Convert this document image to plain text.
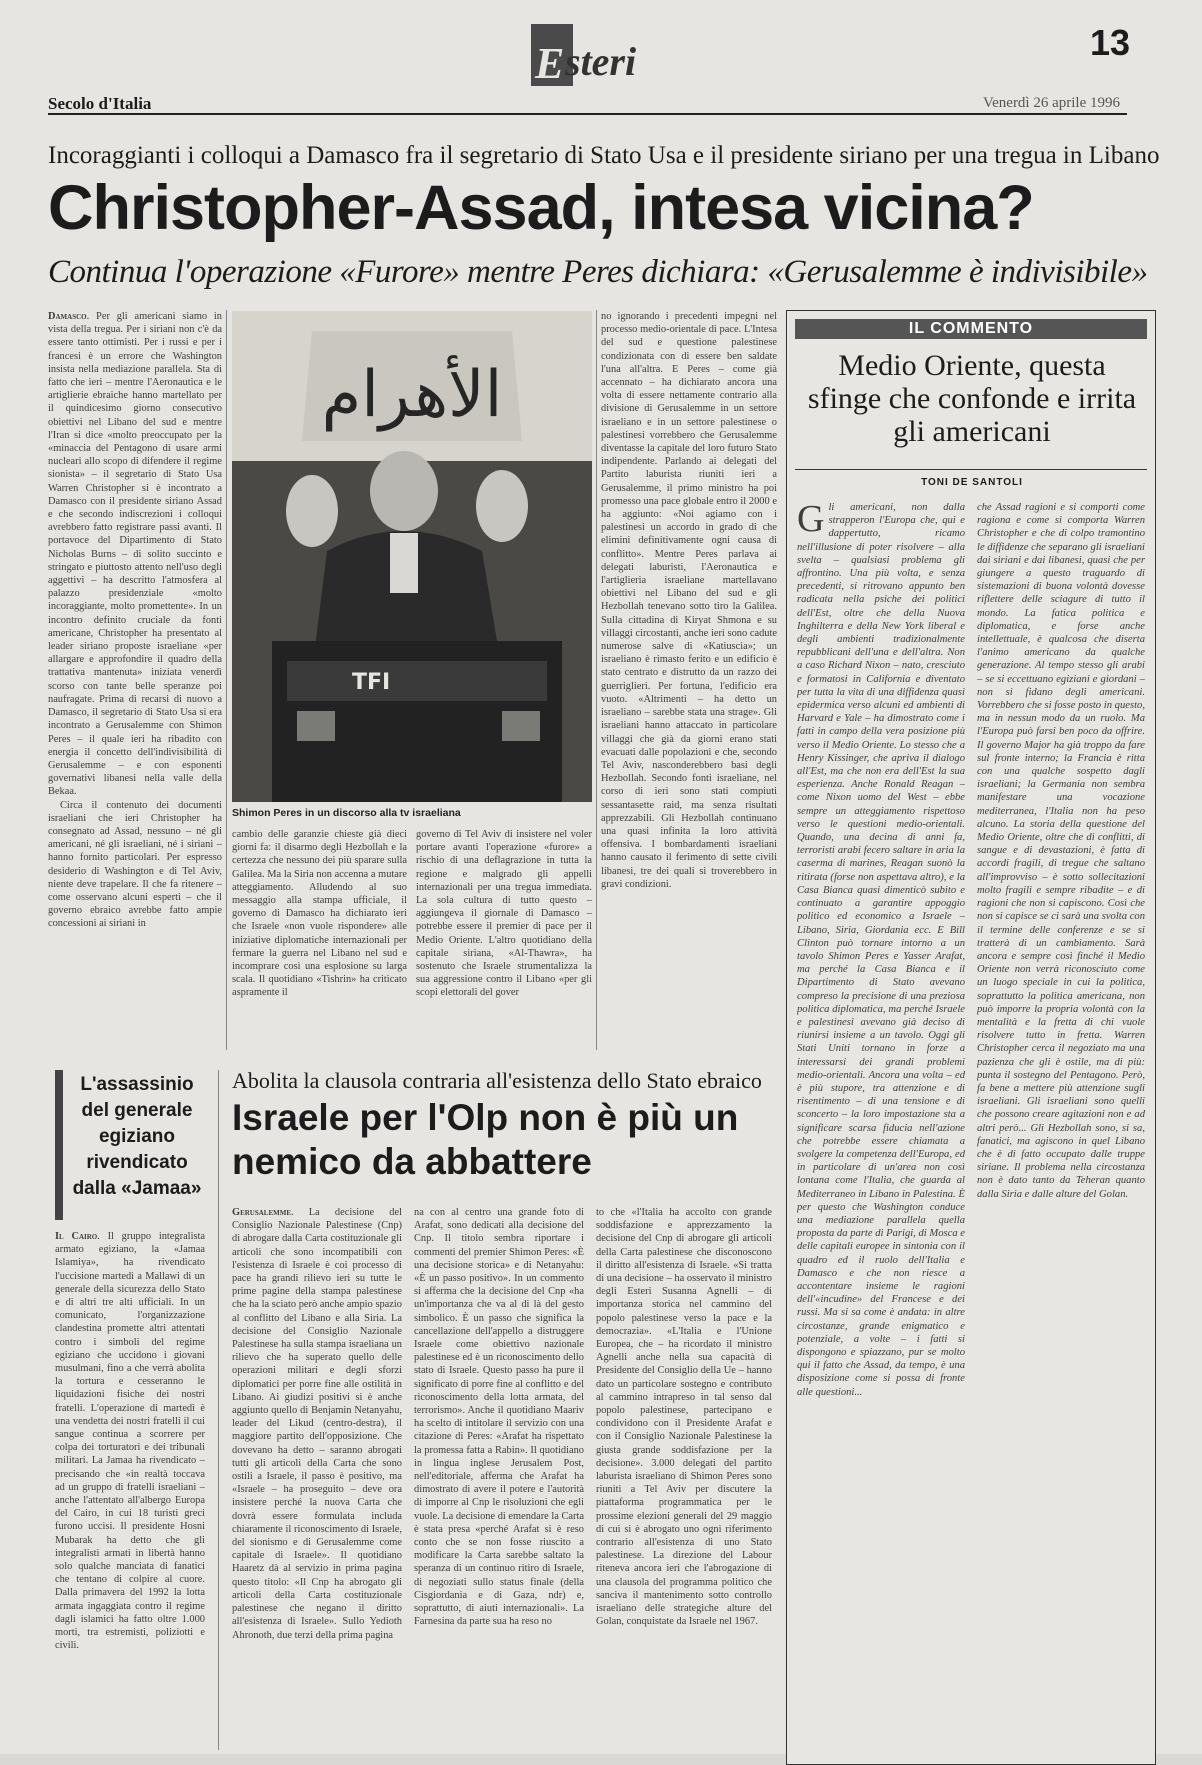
E steri	13
Secolo d'Italia	Venerdì 26 aprile 1996
Incoraggianti i colloqui a Damasco fra il segretario di Stato Usa e il presidente siriano per una tregua in Libano
Christopher-Assad, intesa vicina?
Continua l'operazione «Furore» mentre Peres dichiara: «Gerusalemme è indivisibile»

Damasco. Per gli americani siamo in vista della tregua. Per i siriani non c'è da essere tanto ottimisti. Per i russi e per i francesi è un errore che Washington insista nella mediazione parallela. Sta di fatto che ieri – mentre l'Aeronautica e le artiglierie ebraiche hanno martellato per il quindicesimo giorno consecutivo obiettivi nel Libano del sud e mentre l'Iran si dice «molto preoccupato per la «minaccia del Pentagono di usare armi nucleari allo scopo di difendere il regime sionista» – il segretario di Stato Usa Warren Christopher si è incontrato a Damasco con il presidente siriano Assad e che secondo indiscrezioni i colloqui avrebbero fatto registrare passi avanti. Il portavoce del Dipartimento di Stato Nicholas Burns – di solito succinto e stringato e piuttosto attento nell'uso degli aggettivi – ha descritto l'atmosfera al palazzo presidenziale «molto incoraggiante, molto promettente». In un incontro definito cruciale da fonti americane, Christopher ha presentato al leader siriano proposte israeliane «per allargare e approfondire il quadro della trattativa mantenuta» iniziata venerdì scorso con tante belle speranze poi naufragate. Prima di recarsi di nuovo a Damasco, il segretario di Stato Usa si era incontrato a Gerusalemme con Shimon Peres – il quale ieri ha ribadito con energia il concetto dell'indivisibilità di Gerusalemme – e con esponenti governativi libanesi nella valle della Bekaa.

Circa il contenuto dei documenti israeliani che ieri Christopher ha consegnato ad Assad, nessuno – né gli americani, né gli israeliani, né i siriani – hanno fornito particolari. Per espresso desiderio di Washington e di Tel Aviv, niente deve trapelare. Il che fa ritenere – come osservano alcuni esperti – che il governo ebraico avrebbe fatto ampie concessioni ai siriani in

الأهرام
TFI
Shimon Peres in un discorso alla tv israeliana

cambio delle garanzie chieste già dieci giorni fa: il disarmo degli Hezbollah e la certezza che nessuno dei più sparare sulla Galilea. Ma la Siria non accenna a mutare atteggiamento. Alludendo al suo messaggio alla stampa ufficiale, il governo di Damasco ha dichiarato ieri che Israele «non vuole rispondere» alle iniziative diplomatiche internazionali per fermare la guerra nel Libano nel sud e incomprare così una esplosione su larga scala. Il quotidiano «Tishrin» ha criticato aspramente il

governo di Tel Aviv di insistere nel voler portare avanti l'operazione «furore» a rischio di una deflagrazione in tutta la regione e malgrado gli appelli internazionali per una tregua immediata. La sola cultura di tutto questo – aggiungeva il giornale di Damasco – potrebbe essere il premier di pace per il Medio Oriente. L'altro quotidiano della capitale siriana, «Al-Thawra», ha sostenuto che Israele strumentalizza la sua aggressione contro il Libano «per gli scopi elettorali del gover

no ignorando i precedenti impegni nel processo medio-orientale di pace. L'Intesa del sud e questione palestinese condizionata con di essere ben saldate l'una all'altra. E Peres – come già accennato – ha dichiarato ancora una volta di essere nettamente contrario alla divisione di Gerusalemme in un settore israeliano e in un settore palestinese o palestinesi vorrebbero che Gerusalemme diventasse la capitale del loro futuro Stato indipendente. Parlando ai delegati del Partito laburista riuniti ieri a Gerusalemme, il primo ministro ha poi promesso una pace globale entro il 2000 e ha aggiunto: «Noi agiamo con i palestinesi un accordo in grado di che elimini definitivamente ogni causa di conflitto». Mentre Peres parlava ai delegati laburisti, l'Aeronautica e l'artiglieria israeliane martellavano obiettivi nel Libano del sud e gli Hezbollah tenevano sotto tiro la Galilea. Sulla cittadina di Kiryat Shmona e su villaggi circostanti, anche ieri sono cadute numerose salve di «Katiuscia»; un israeliano è rimasto ferito e un edificio è stato centrato e distrutto da un razzo dei guerriglieri. Per fortuna, l'edificio era vuoto. «Altrimenti – ha detto un israeliano – sarebbe stata una strage». Gli israeliani hanno attaccato in particolare villaggi che già da giorni erano stati evacuati dalle popolazioni e che, secondo Tel Aviv, nasconderebbero basi degli Hezbollah. Secondo fonti israeliane, nel corso di ieri sono stati compiuti sessantasette raid, ma senza risultati apprezzabili. Gli Hezbollah continuano una quasi infinita la loro attività offensiva. I bombardamenti israeliani hanno causato il ferimento di sette civili libanesi, tre dei quali si troverebbero in gravi condizioni.

IL COMMENTO
Medio Oriente, questa sfinge che confonde e irrita gli americani
TONI DE SANTOLI

Gli americani, non dalla strapperon l'Europa che, qui e dappertutto, ricamo nell'illusione di poter risolvere – alla svelta – qualsiasi problema gli affrontino. Una più volta, e senza precedenti, si ritrovano appunto ben radicata nella psiche dei politici dell'Est, oltre che della Nuova Inghilterra e della New York liberal e degli ambienti tradizionalmente repubblicani dell'una e dell'altra. Non a caso Richard Nixon – nato, cresciuto e formatosi in California e diventato per tutta la vita di una diffidenza quasi epidermica verso alcuni ed ambienti di Harvard e Yale – ha dimostrato come i fatti in campo della vera posizione più verso il Medio Oriente. Lo stesso che a Henry Kissinger, che apriva il dialogo all'Est, ma che non era dell'Est la sua esperienza. Anche Ronald Reagan – come Nixon uomo del West – ebbe sempre un atteggiamento rispettoso verso le questioni medio-orientali. Quando, una decina di anni fa, terroristi arabi fecero saltare in aria la caserma di marines, Reagan suonò la ritirata (forse non aspettava altro), e la Casa Bianca quasi dimenticò subito e continuato a garantire appoggio politico ed economico a Israele – Libano, Siria, Giordania ecc. E Bill Clinton può tornare intorno a un tavolo Shimon Peres e Yasser Arafat, ma perché la Casa Bianca e il Dipartimento di Stato avevano compreso la precisione di una preziosa politica diplomatica, ma perché Israele e palestinesi avevano già deciso di riunirsi insieme a un tavolo. Oggi gli Stati Uniti tornano in forze a interessarsi dei grandi problemi medio-orientali. Ancora una volta – ed è più stupore, tra attenzione e di risentimento – di una tensione e di sconcerto – la loro impostazione sta a significare scarsa fiducia nell'azione che potrebbe essere chiamata a svolgere la competenza dell'Europa, ed in particolare di un'area non così lontana come l'Italia, che guarda al Mediterraneo in Libano in Palestina. È per questo che Washington conduce una mediazione parallela quella proposta da parte di Parigi, di Mosca e delle capitali europee in sintonia con il quadro ed il ruolo dell'Italia e Damasco e che non riesce a accontentare insieme le ragioni dell'«incudine» del Francese e dei russi. Ma si sa come è andata: in altre circostanze, grande enigmatico e potenziale, a volte – i fatti si dispongono e spiazzano, pur se molto qui il fatto che Assad, da tempo, è una disposizione come si possa di fronte alle questioni...

che Assad ragioni e si comporti come ragiona e come si comporta Warren Christopher e che di colpo tramontino le diffidenze che separano gli israeliani dai siriani e dai libanesi, quasi che per giungere a questo traguardo di sistemazioni di buona volontà dovesse riflettere delle sciagure di tutto il mondo. La fatica politica e diplomatica, e forse anche intellettuale, è qualcosa che diserta l'animo americano da qualche generazione. Al tempo stesso gli arabi – se si eccettuano egiziani e giordani – non si fidano degli americani. Vorrebbero che si fosse posto in questo, ma in nessun modo da un ruolo. Ma l'Europa può farsi ben poco da offrire. Il governo Major ha già troppo da fare sul fronte interno; la Francia è ritta con una qualche sospetto dagli israeliani; la Germania non sembra manifestare una vocazione mediterranea, l'Italia non ha peso alcuno. La storia della questione del Medio Oriente, oltre che di conflitti, di sangue e di devastazioni, è fatta di accordi fragili, di tregue che saltano all'improvviso – è sotto sollecitazioni molto fragili e sempre ribadite – e di ragioni che non si capiscono. Così che non si capisce se ci sarà una svolta con il termine delle conferenze e se si tratterà di un cambiamento. Sarà ancora e sempre così finché il Medio Oriente non verrà riconosciuto come un luogo speciale in cui la politica, soprattutto la politica americana, non può imporre la propria volontà con la mentalità e la fretta di chi vuole risolvere tutto in fretta. Warren Christopher cerca il negoziato ma una pazienza che gli è ostile, ma di più: punta il sostegno del Pentagono. Però, fa bene a mettere più attenzione sugli israeliani. Gli israeliani sono quelli che possono creare agitazioni non e ad altri però... Gli Hezbollah sono, si sa, fanatici, ma agiscono in quel Libano che è di fatto occupato dalle truppe siriane. Il problema nella circostanza non è dato tanto da Teheran quanto dalla Siria e dalle alture del Golan.

L'assassinio del generale egiziano rivendicato dalla «Jamaa»

Il Cairo. Il gruppo integralista armato egiziano, la «Jamaa Islamiya», ha rivendicato l'uccisione martedì a Mallawi di un generale della sicurezza dello Stato e di altri tre alti ufficiali. In un comunicato, l'organizzazione clandestina promette altri attentati contro i simboli del regime egiziano che uccidono i giovani musulmani, fino a che verrà abolita la tortura e cesseranno le liquidazioni fisiche dei nostri fratelli. L'operazione di martedì è una vendetta dei nostri fratelli il cui sangue continua a scorrere per colpa dei torturatori e dei tribunali militari. La Jamaa ha rivendicato – precisando che «in realtà toccava ad un gruppo di fratelli israeliani – anche l'attentato all'albergo Europa del Cairo, in cui 18 turisti greci furono uccisi. Il presidente Hosni Mubarak ha detto che gli integralisti armati in libertà hanno solo qualche manciata di fanatici che tentano di colpire al cuore. Dalla primavera del 1992 la lotta armata ingaggiata contro il regime dagli islamici ha fatto oltre 1.000 morti, tra estremisti, poliziotti e civili.

Abolita la clausola contraria all'esistenza dello Stato ebraico
Israele per l'Olp non è più un nemico da abbattere

Gerusalemme. La decisione del Consiglio Nazionale Palestinese (Cnp) di abrogare dalla Carta costituzionale gli articoli che sono incompatibili con l'esistenza di Israele è coi processo di pace ha grandi rilievo ieri su tutte le prime pagine della stampa palestinese che ha la sciato però anche ampio spazio al conflitto del Libano e alla Siria. La decisione del Consiglio Nazionale Palestinese ha sulla stampa israeliana un rilievo che ha superato quello delle operazioni militari e degli sforzi diplomatici per porre fine alle ostilità in Libano. Ai giudizi positivi si è anche aggiunto quello di Benjamin Netanyahu, leader del Likud (centro-destra), il maggiore partito dell'opposizione. Che dovevano ha detto – saranno abrogati tutti gli articoli della Carta che sono ostili a Israele, il passo è positivo, ma «Israele – ha proseguito – deve ora insistere perché la nuova Carta che dovrà essere formulata includa chiaramente il riconoscimento di Israele, del sionismo e di Gerusalemme come capitale di Israele». Il quotidiano Haaretz dà al servizio in prima pagina questo titolo: «Il Cnp ha abrogato gli articoli della Carta costituzionale palestinese che negano il diritto all'esistenza di Israele». Sullo Yedioth Ahronoth, due terzi della prima pagina

na con al centro una grande foto di Arafat, sono dedicati alla decisione del Cnp. Il titolo sembra riportare i commenti del premier Shimon Peres: «È una decisione storica» e di Netanyahu: «È un passo positivo». In un commento si afferma che la decisione del Cnp «ha un'importanza che va al di là del gesto simbolico. È un passo che significa la cancellazione dell'appello a distruggere Israele come obiettivo nazionale palestinese ed è un riconoscimento dello stato di Israele. Questo passo ha pure il significato di porre fine al conflitto e del riconoscimento della lotta armata, del terrorismo». Anche il quotidiano Maariv ha scelto di intitolare il servizio con una citazione di Peres: «Arafat ha rispettato la promessa fatta a Rabin». Il quotidiano in lingua inglese Jerusalem Post, nell'editoriale, afferma che Arafat ha dimostrato di avere il potere e l'autorità di imporre al Cnp le risoluzioni che egli vuole. La decisione di emendare la Carta è stata presa «perché Arafat si è reso conto che se non fosse riuscito a modificare la Carta sarebbe saltato la speranza di un continuo ritiro di Israele, di negoziati sullo status finale (della Cisgiordania e di Gaza, ndr) e, soprattutto, di aiuti internazionali». La Farnesina da parte sua ha reso no

to che «l'Italia ha accolto con grande soddisfazione e apprezzamento la decisione del Cnp di abrogare gli articoli della Carta palestinese che disconoscono il diritto all'esistenza di Israele. «Si tratta di una decisione – ha osservato il ministro degli Esteri Susanna Agnelli – di importanza storica nel cammino del popolo palestinese verso la pace e la democrazia». «L'Italia e l'Unione Europea, che – ha ricordato il ministro Agnelli anche nella sua capacità di Presidente del Consiglio della Ue – hanno dato un particolare sostegno e contributo al cammino intrapreso in tal senso dal popolo palestinese, partecipano e condividono con il Presidente Arafat e con il Consiglio Nazionale Palestinese la giusta grande soddisfazione per la decisione». 3.000 delegati del partito laburista israeliano di Shimon Peres sono riuniti a Tel Aviv per discutere la piattaforma programmatica per le prossime elezioni generali del 29 maggio di cui si è abrogato uno ogni riferimento contrario all'esistenza di uno Stato palestinese. La direzione del Labour riteneva ancora ieri che l'abrogazione di una clausola del programma politico che sanciva il mantenimento sotto controllo israeliano delle strategiche alture del Golan, conquistate da Israele nel 1967.
